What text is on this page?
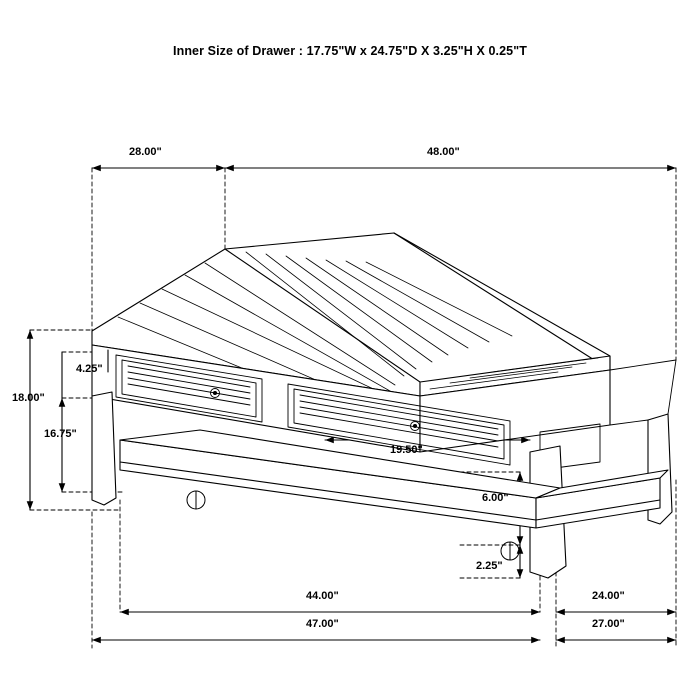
Inner Size of Drawer : 17.75"W x 24.75"D X 3.25"H X 0.25"T
28.00"	48.00"
4.25"
18.00"
16.75"
19.50"
6.00"
2.25"
44.00"	24.00"
47.00"	27.00"
